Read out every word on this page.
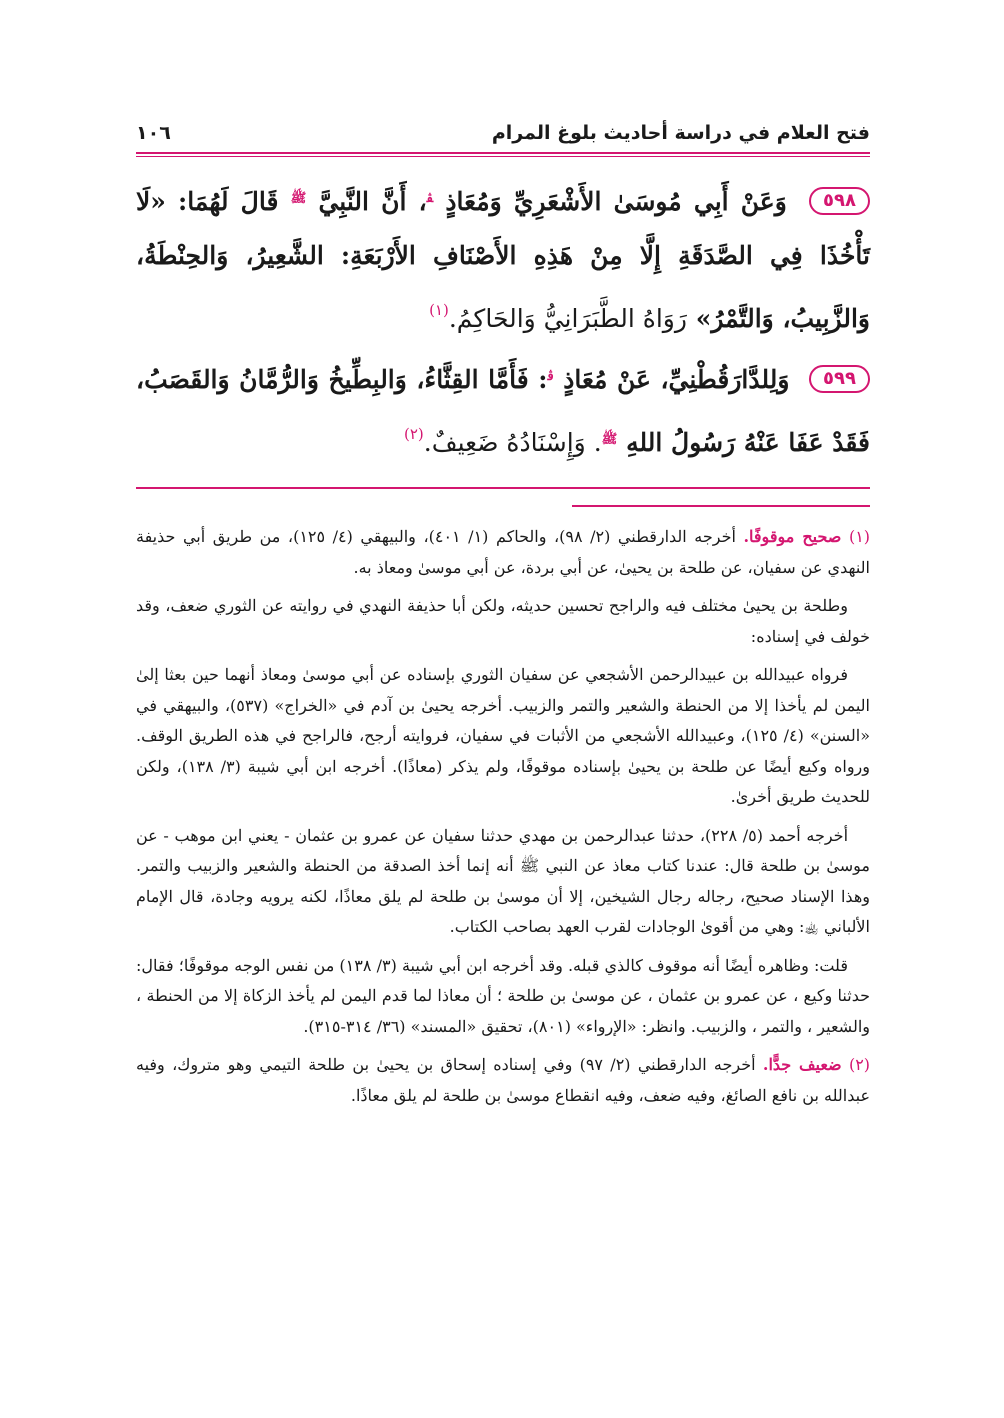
فتح العلام في دراسة أحاديث بلوغ المرام
١٠٦
٥٩٨ وَعَنْ أَبِي مُوسَىٰ الأَشْعَرِيِّ وَمُعَاذٍ $^ﭭ$، أَنَّ النَّبِيَّ $^ﷺ$ قَالَ لَهُمَا: «لَا تَأْخُذَا فِي الصَّدَقَةِ إِلَّا مِنْ هَذِهِ الأَصْنَافِ الأَرْبَعَةِ: الشَّعِيرُ، وَالحِنْطَةُ، وَالزَّبِيبُ، وَالتَّمْرُ» رَوَاهُ الطَّبَرَانِيُّ وَالحَاكِمُ.$^{(١)}$
٥٩٩ وَلِلدَّارَقُطْنِيِّ، عَنْ مُعَاذٍ $^ﭬ$: فَأَمَّا القِثَّاءُ، وَالبِطِّيخُ وَالرُّمَّانُ وَالقَصَبُ، فَقَدْ عَفَا عَنْهُ رَسُولُ اللهِ $^ﷺ$. وَإِسْنَادُهُ ضَعِيفٌ.$^{(٢)}$

(١) صحيح موقوفًا. أخرجه الدارقطني (٢/ ٩٨)، والحاكم (١/ ٤٠١)، والبيهقي (٤/ ١٢٥)، من طريق أبي حذيفة النهدي عن سفيان، عن طلحة بن يحيىٰ، عن أبي بردة، عن أبي موسىٰ ومعاذ به.

وطلحة بن يحيىٰ مختلف فيه والراجح تحسين حديثه، ولكن أبا حذيفة النهدي في روايته عن الثوري ضعف، وقد خولف في إسناده:

فرواه عبيدالله بن عبيدالرحمن الأشجعي عن سفيان الثوري بإسناده عن أبي موسىٰ ومعاذ أنهما حين بعثا إلىٰ اليمن لم يأخذا إلا من الحنطة والشعير والتمر والزبيب. أخرجه يحيىٰ بن آدم في «الخراج» (٥٣٧)، والبيهقي في «السنن» (٤/ ١٢٥)، وعبيدالله الأشجعي من الأثبات في سفيان، فروايته أرجح، فالراجح في هذه الطريق الوقف. ورواه وكيع أيضًا عن طلحة بن يحيىٰ بإسناده موقوفًا، ولم يذكر (معاذًا). أخرجه ابن أبي شيبة (٣/ ١٣٨)، ولكن للحديث طريق أخرىٰ.

أخرجه أحمد (٥/ ٢٢٨)، حدثنا عبدالرحمن بن مهدي حدثنا سفيان عن عمرو بن عثمان - يعني ابن موهب - عن موسىٰ بن طلحة قال: عندنا كتاب معاذ عن النبي ﷺ أنه إنما أخذ الصدقة من الحنطة والشعير والزبيب والتمر. وهذا الإسناد صحيح، رجاله رجال الشيخين، إلا أن موسىٰ بن طلحة لم يلق معاذًا، لكنه يرويه وجادة، قال الإمام الألباني ﵀: وهي من أقوىٰ الوجادات لقرب العهد بصاحب الكتاب.

قلت: وظاهره أيضًا أنه موقوف كالذي قبله. وقد أخرجه ابن أبي شيبة (٣/ ١٣٨) من نفس الوجه موقوفًا؛ فقال: حدثنا وكيع ، عن عمرو بن عثمان ، عن موسىٰ بن طلحة ؛ أن معاذا لما قدم اليمن لم يأخذ الزكاة إلا من الحنطة ، والشعير ، والتمر ، والزبيب. وانظر: «الإرواء» (٨٠١)، تحقيق «المسند» (٣٦/ ٣١٤-٣١٥).

(٢) ضعيف جدًّا. أخرجه الدارقطني (٢/ ٩٧) وفي إسناده إسحاق بن يحيىٰ بن طلحة التيمي وهو متروك، وفيه عبدالله بن نافع الصائغ، وفيه ضعف، وفيه انقطاع موسىٰ بن طلحة لم يلق معاذًا.
